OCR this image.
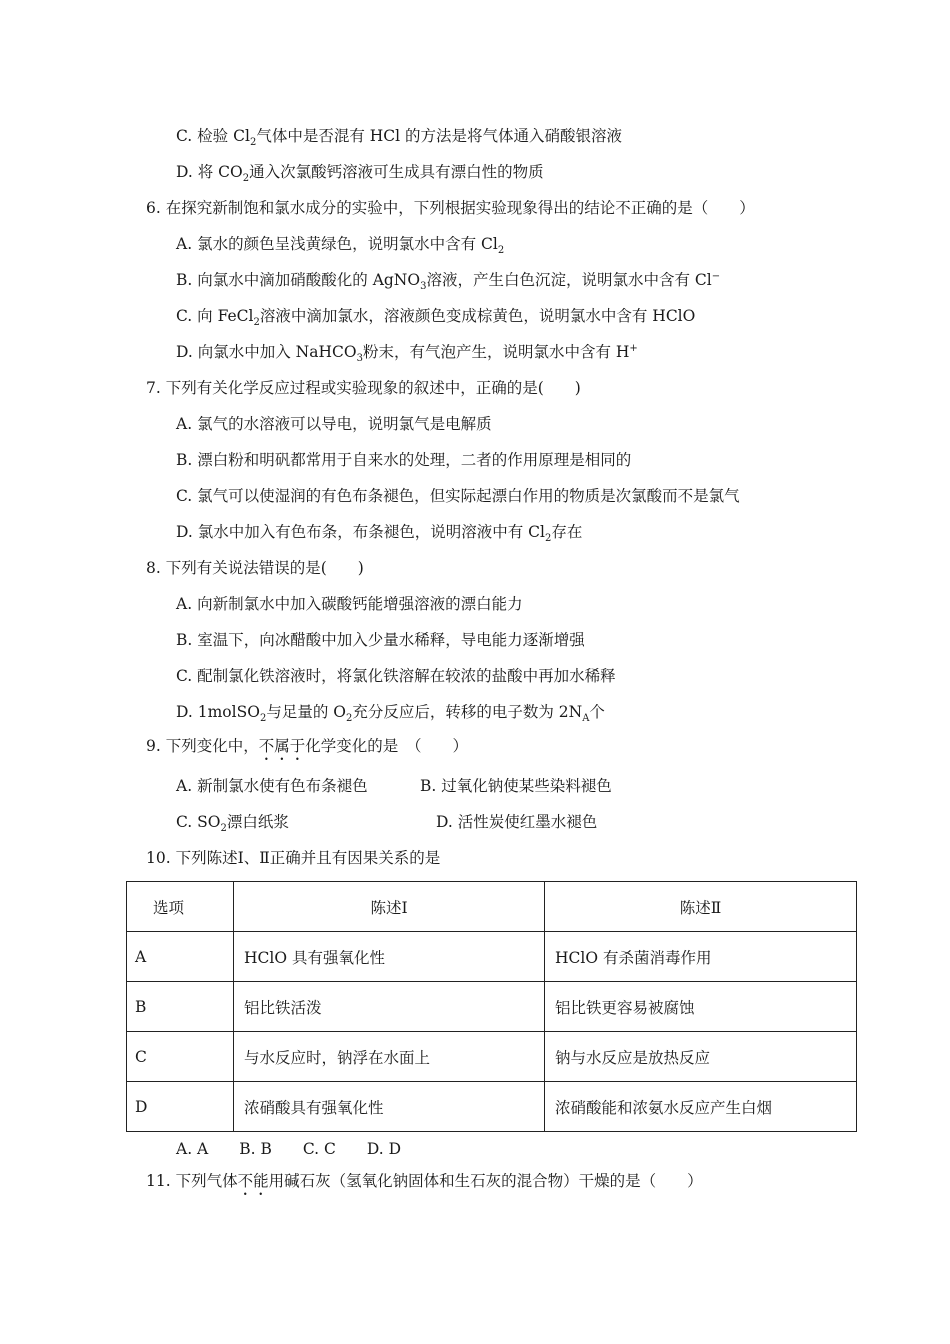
C. 检验 $Cl_2$气体中是否混有 HCl 的方法是将气体通入硝酸银溶液
D. 将 $CO_2$通入次氯酸钙溶液可生成具有漂白性的物质
6. 在探究新制饱和氯水成分的实验中，下列根据实验现象得出的结论不正确的是（　　）
A. 氯水的颜色呈浅黄绿色，说明氯水中含有 $Cl_2$
B. 向氯水中滴加硝酸酸化的 AgNO$_3$溶液，产生白色沉淀，说明氯水中含有 Cl−
C. 向 FeCl$_2$溶液中滴加氯水，溶液颜色变成棕黄色，说明氯水中含有 HClO
D. 向氯水中加入 NaHCO$_3$粉末，有气泡产生，说明氯水中含有 H+
7. 下列有关化学反应过程或实验现象的叙述中，正确的是(　　)
A. 氯气的水溶液可以导电，说明氯气是电解质
B. 漂白粉和明矾都常用于自来水的处理，二者的作用原理是相同的
C. 氯气可以使湿润的有色布条褪色，但实际起漂白作用的物质是次氯酸而不是氯气
D. 氯水中加入有色布条，布条褪色，说明溶液中有 $Cl_2$存在
8. 下列有关说法错误的是(　　)
A. 向新制氯水中加入碳酸钙能增强溶液的漂白能力
B. 室温下，向冰醋酸中加入少量水稀释，导电能力逐渐增强
C. 配制氯化铁溶液时，将氯化铁溶解在较浓的盐酸中再加水稀释
D. 1molSO$_2$与足量的 $O_2$充分反应后，转移的电子数为 $2N_A$个
9. 下列变化中，不属于化学变化的是　（　　）
A. 新制氯水使有色布条褪色	B. 过氧化钠使某些染料褪色
C. $SO_2$漂白纸浆	D. 活性炭使红墨水褪色
10. 下列陈述Ⅰ、Ⅱ正确并且有因果关系的是
选项	陈述Ⅰ	陈述Ⅱ
A	HClO 具有强氧化性	HClO 有杀菌消毒作用
B	铝比铁活泼	铝比铁更容易被腐蚀
C	与水反应时，钠浮在水面上	钠与水反应是放热反应
D	浓硝酸具有强氧化性	浓硝酸能和浓氨水反应产生白烟
A. A　　B. B　　C. C　　D. D
11. 下列气体不能用碱石灰（氢氧化钠固体和生石灰的混合物）干燥的是（　　）
